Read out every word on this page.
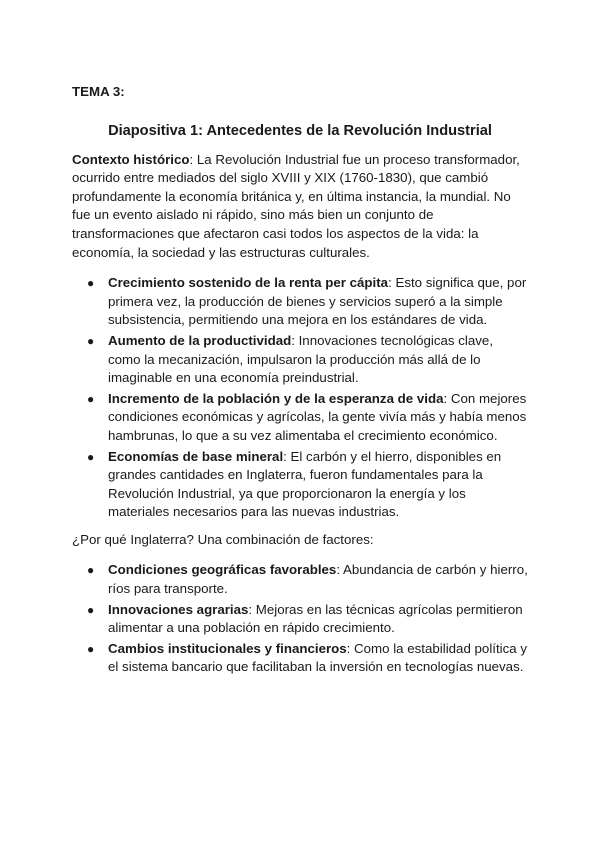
TEMA 3:

Diapositiva 1: Antecedentes de la Revolución Industrial

Contexto histórico: La Revolución Industrial fue un proceso transformador, ocurrido entre mediados del siglo XVIII y XIX (1760-1830), que cambió profundamente la economía británica y, en última instancia, la mundial. No fue un evento aislado ni rápido, sino más bien un conjunto de transformaciones que afectaron casi todos los aspectos de la vida: la economía, la sociedad y las estructuras culturales.

● Crecimiento sostenido de la renta per cápita: Esto significa que, por primera vez, la producción de bienes y servicios superó a la simple subsistencia, permitiendo una mejora en los estándares de vida.
● Aumento de la productividad: Innovaciones tecnológicas clave, como la mecanización, impulsaron la producción más allá de lo imaginable en una economía preindustrial.
● Incremento de la población y de la esperanza de vida: Con mejores condiciones económicas y agrícolas, la gente vivía más y había menos hambrunas, lo que a su vez alimentaba el crecimiento económico.
● Economías de base mineral: El carbón y el hierro, disponibles en grandes cantidades en Inglaterra, fueron fundamentales para la Revolución Industrial, ya que proporcionaron la energía y los materiales necesarios para las nuevas industrias.

¿Por qué Inglaterra? Una combinación de factores:

● Condiciones geográficas favorables: Abundancia de carbón y hierro, ríos para transporte.
● Innovaciones agrarias: Mejoras en las técnicas agrícolas permitieron alimentar a una población en rápido crecimiento.
● Cambios institucionales y financieros: Como la estabilidad política y el sistema bancario que facilitaban la inversión en tecnologías nuevas.
